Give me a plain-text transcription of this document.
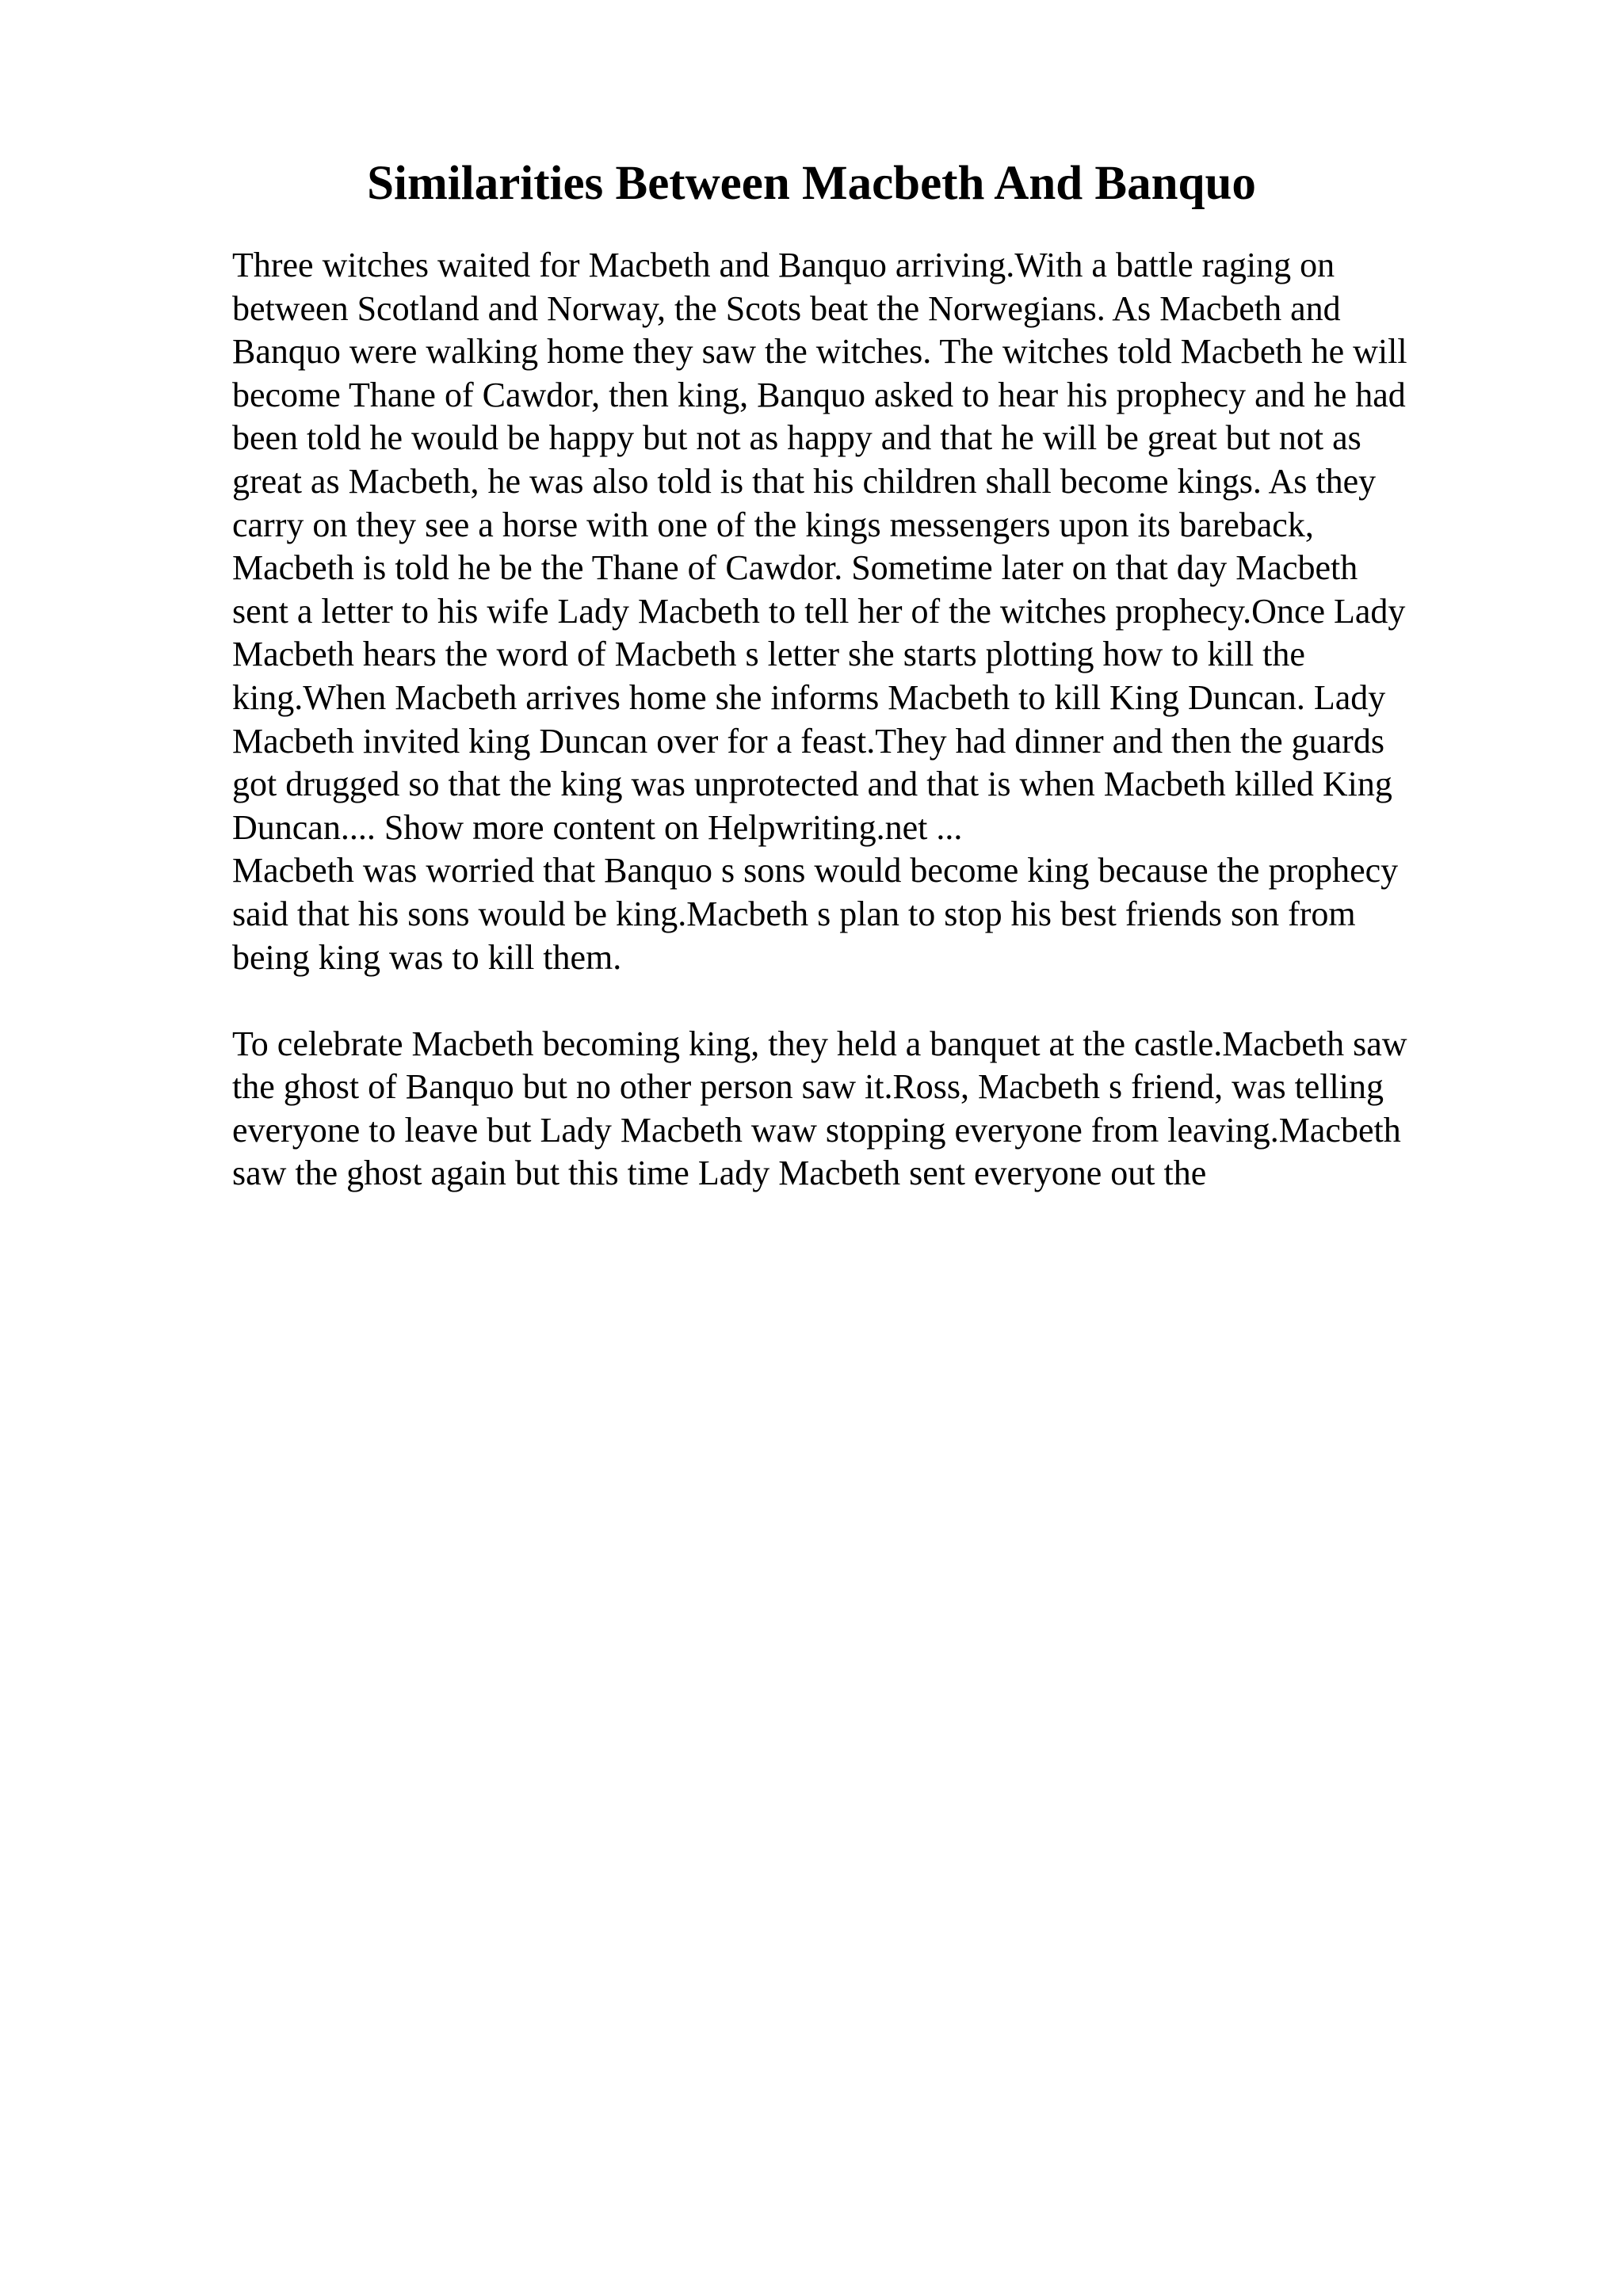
Similarities Between Macbeth And Banquo
Three witches waited for Macbeth and Banquo arriving.With a battle raging on
between Scotland and Norway, the Scots beat the Norwegians. As Macbeth and
Banquo were walking home they saw the witches. The witches told Macbeth he will
become Thane of Cawdor, then king, Banquo asked to hear his prophecy and he had
been told he would be happy but not as happy and that he will be great but not as
great as Macbeth, he was also told is that his children shall become kings. As they
carry on they see a horse with one of the kings messengers upon its bareback,
Macbeth is told he be the Thane of Cawdor. Sometime later on that day Macbeth
sent a letter to his wife Lady Macbeth to tell her of the witches prophecy.Once Lady
Macbeth hears the word of Macbeth s letter she starts plotting how to kill the
king.When Macbeth arrives home she informs Macbeth to kill King Duncan. Lady
Macbeth invited king Duncan over for a feast.They had dinner and then the guards
got drugged so that the king was unprotected and that is when Macbeth killed King
Duncan.... Show more content on Helpwriting.net ...
Macbeth was worried that Banquo s sons would become king because the prophecy
said that his sons would be king.Macbeth s plan to stop his best friends son from
being king was to kill them.
To celebrate Macbeth becoming king, they held a banquet at the castle.Macbeth saw
the ghost of Banquo but no other person saw it.Ross, Macbeth s friend, was telling
everyone to leave but Lady Macbeth waw stopping everyone from leaving.Macbeth
saw the ghost again but this time Lady Macbeth sent everyone out the
